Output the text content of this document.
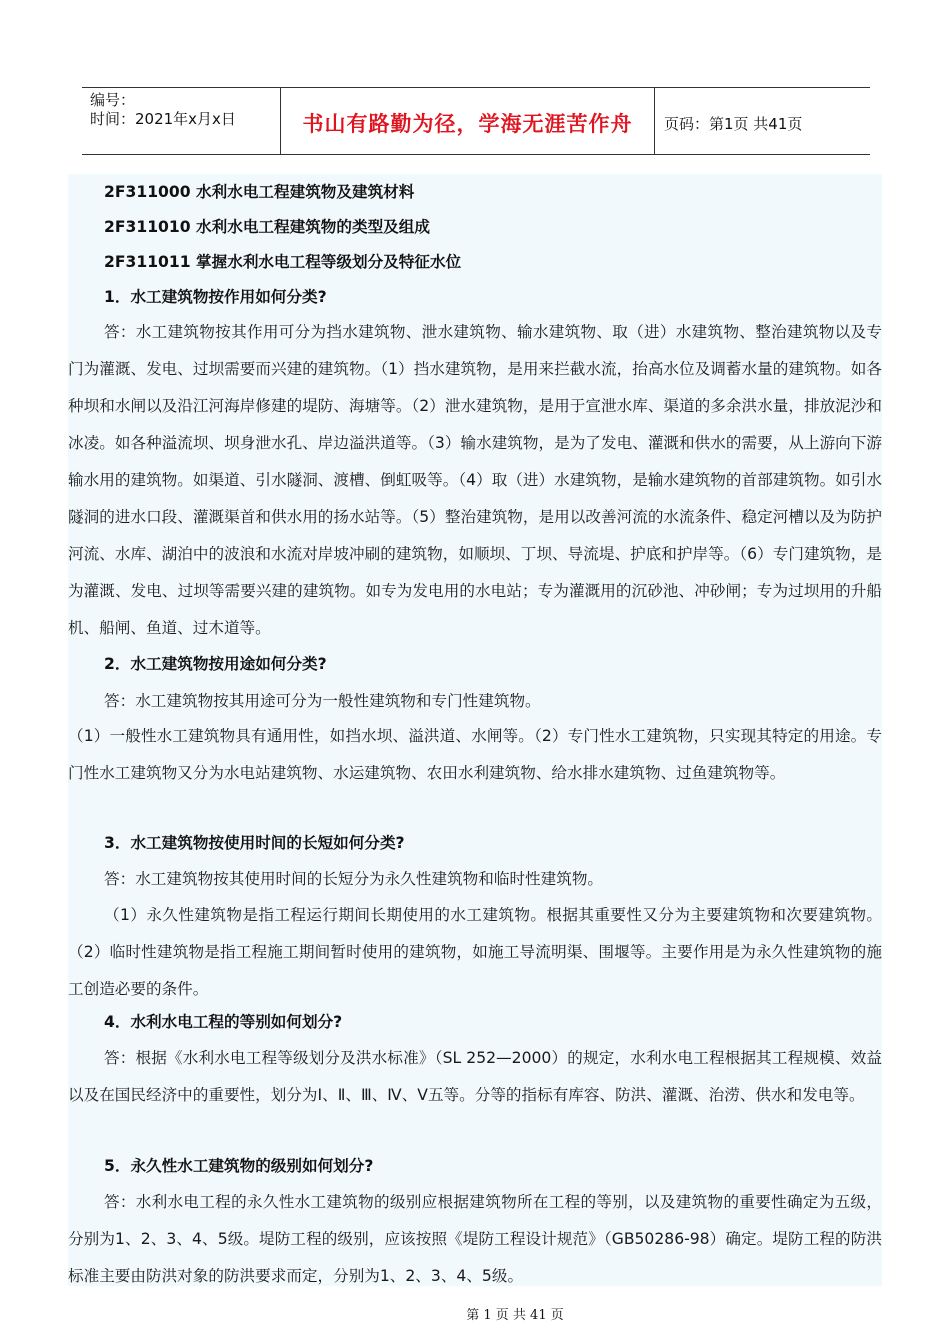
编号：
时间：2021年x月x日	书山有路勤为径，学海无涯苦作舟	页码：第1页 共41页

2F311000 水利水电工程建筑物及建筑材料

2F311010 水利水电工程建筑物的类型及组成

2F311011 掌握水利水电工程等级划分及特征水位

1．水工建筑物按作用如何分类?

答：水工建筑物按其作用可分为挡水建筑物、泄水建筑物、输水建筑物、取（进）水建筑物、整治建筑物以及专门为灌溉、发电、过坝需要而兴建的建筑物。（1）挡水建筑物，是用来拦截水流，抬高水位及调蓄水量的建筑物。如各种坝和水闸以及沿江河海岸修建的堤防、海塘等。（2）泄水建筑物，是用于宣泄水库、渠道的多余洪水量，排放泥沙和冰凌。如各种溢流坝、坝身泄水孔、岸边溢洪道等。（3）输水建筑物，是为了发电、灌溉和供水的需要，从上游向下游输水用的建筑物。如渠道、引水隧洞、渡槽、倒虹吸等。（4）取（进）水建筑物，是输水建筑物的首部建筑物。如引水隧洞的进水口段、灌溉渠首和供水用的扬水站等。（5）整治建筑物，是用以改善河流的水流条件、稳定河槽以及为防护河流、水库、湖泊中的波浪和水流对岸坡冲刷的建筑物，如顺坝、丁坝、导流堤、护底和护岸等。（6）专门建筑物，是为灌溉、发电、过坝等需要兴建的建筑物。如专为发电用的水电站；专为灌溉用的沉砂池、冲砂闸；专为过坝用的升船机、船闸、鱼道、过木道等。

2．水工建筑物按用途如何分类?

答：水工建筑物按其用途可分为一般性建筑物和专门性建筑物。

（1）一般性水工建筑物具有通用性，如挡水坝、溢洪道、水闸等。（2）专门性水工建筑物，只实现其特定的用途。专门性水工建筑物又分为水电站建筑物、水运建筑物、农田水利建筑物、给水排水建筑物、过鱼建筑物等。

3．水工建筑物按使用时间的长短如何分类?

答：水工建筑物按其使用时间的长短分为永久性建筑物和临时性建筑物。

（1）永久性建筑物是指工程运行期间长期使用的水工建筑物。根据其重要性又分为主要建筑物和次要建筑物。（2）临时性建筑物是指工程施工期间暂时使用的建筑物，如施工导流明渠、围堰等。主要作用是为永久性建筑物的施工创造必要的条件。

4．水利水电工程的等别如何划分?

答：根据《水利水电工程等级划分及洪水标准》（SL 252—2000）的规定，水利水电工程根据其工程规模、效益以及在国民经济中的重要性，划分为Ⅰ、Ⅱ、Ⅲ、Ⅳ、Ⅴ五等。分等的指标有库容、防洪、灌溉、治涝、供水和发电等。

5．永久性水工建筑物的级别如何划分?

答：水利水电工程的永久性水工建筑物的级别应根据建筑物所在工程的等别，以及建筑物的重要性确定为五级，分别为1、2、3、4、5级。堤防工程的级别，应该按照《堤防工程设计规范》（GB50286-98）确定。堤防工程的防洪标准主要由防洪对象的防洪要求而定，分别为1、2、3、4、5级。

第 1 页 共 41 页
